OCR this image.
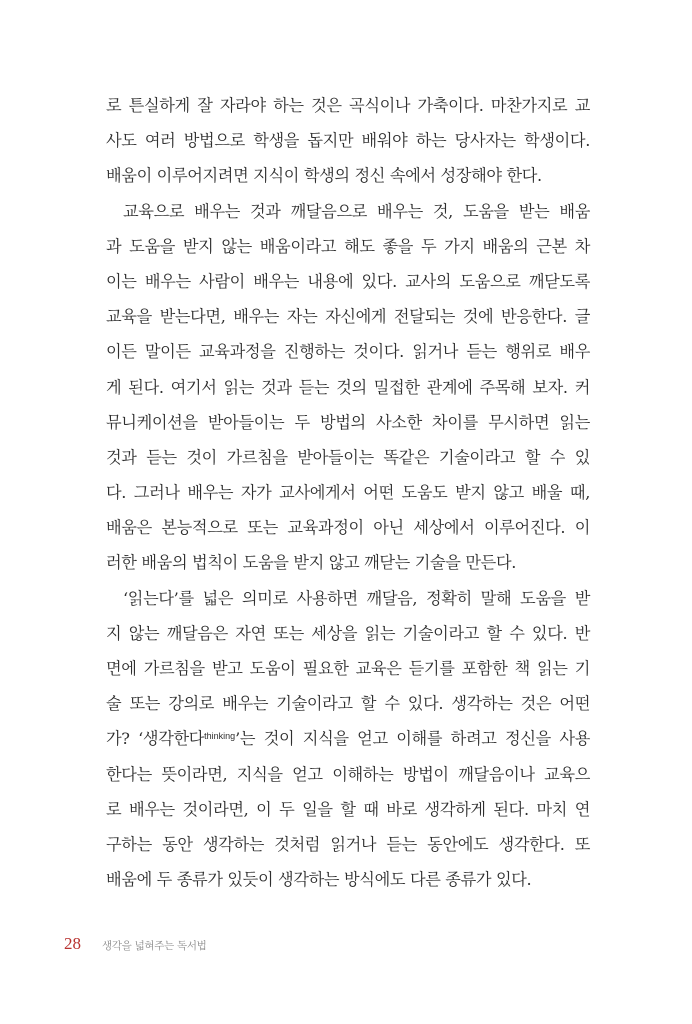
로 튼실하게 잘 자라야 하는 것은 곡식이나 가축이다. 마찬가지로 교
사도 여러 방법으로 학생을 돕지만 배워야 하는 당사자는 학생이다.
배움이 이루어지려면 지식이 학생의 정신 속에서 성장해야 한다.
교육으로 배우는 것과 깨달음으로 배우는 것, 도움을 받는 배움
과 도움을 받지 않는 배움이라고 해도 좋을 두 가지 배움의 근본 차
이는 배우는 사람이 배우는 내용에 있다. 교사의 도움으로 깨닫도록
교육을 받는다면, 배우는 자는 자신에게 전달되는 것에 반응한다. 글
이든 말이든 교육과정을 진행하는 것이다. 읽거나 듣는 행위로 배우
게 된다. 여기서 읽는 것과 듣는 것의 밀접한 관계에 주목해 보자. 커
뮤니케이션을 받아들이는 두 방법의 사소한 차이를 무시하면 읽는
것과 듣는 것이 가르침을 받아들이는 똑같은 기술이라고 할 수 있
다. 그러나 배우는 자가 교사에게서 어떤 도움도 받지 않고 배울 때,
배움은 본능적으로 또는 교육과정이 아닌 세상에서 이루어진다. 이
러한 배움의 법칙이 도움을 받지 않고 깨닫는 기술을 만든다.
‘읽는다’를 넓은 의미로 사용하면 깨달음, 정확히 말해 도움을 받
지 않는 깨달음은 자연 또는 세상을 읽는 기술이라고 할 수 있다. 반
면에 가르침을 받고 도움이 필요한 교육은 듣기를 포함한 책 읽는 기
술 또는 강의로 배우는 기술이라고 할 수 있다. 생각하는 것은 어떤
가? ‘생각한다$^{thinking}$’는 것이 지식을 얻고 이해를 하려고 정신을 사용
한다는 뜻이라면, 지식을 얻고 이해하는 방법이 깨달음이나 교육으
로 배우는 것이라면, 이 두 일을 할 때 바로 생각하게 된다. 마치 연
구하는 동안 생각하는 것처럼 읽거나 듣는 동안에도 생각한다. 또
배움에 두 종류가 있듯이 생각하는 방식에도 다른 종류가 있다.
28	생각을 넓혀주는 독서법
